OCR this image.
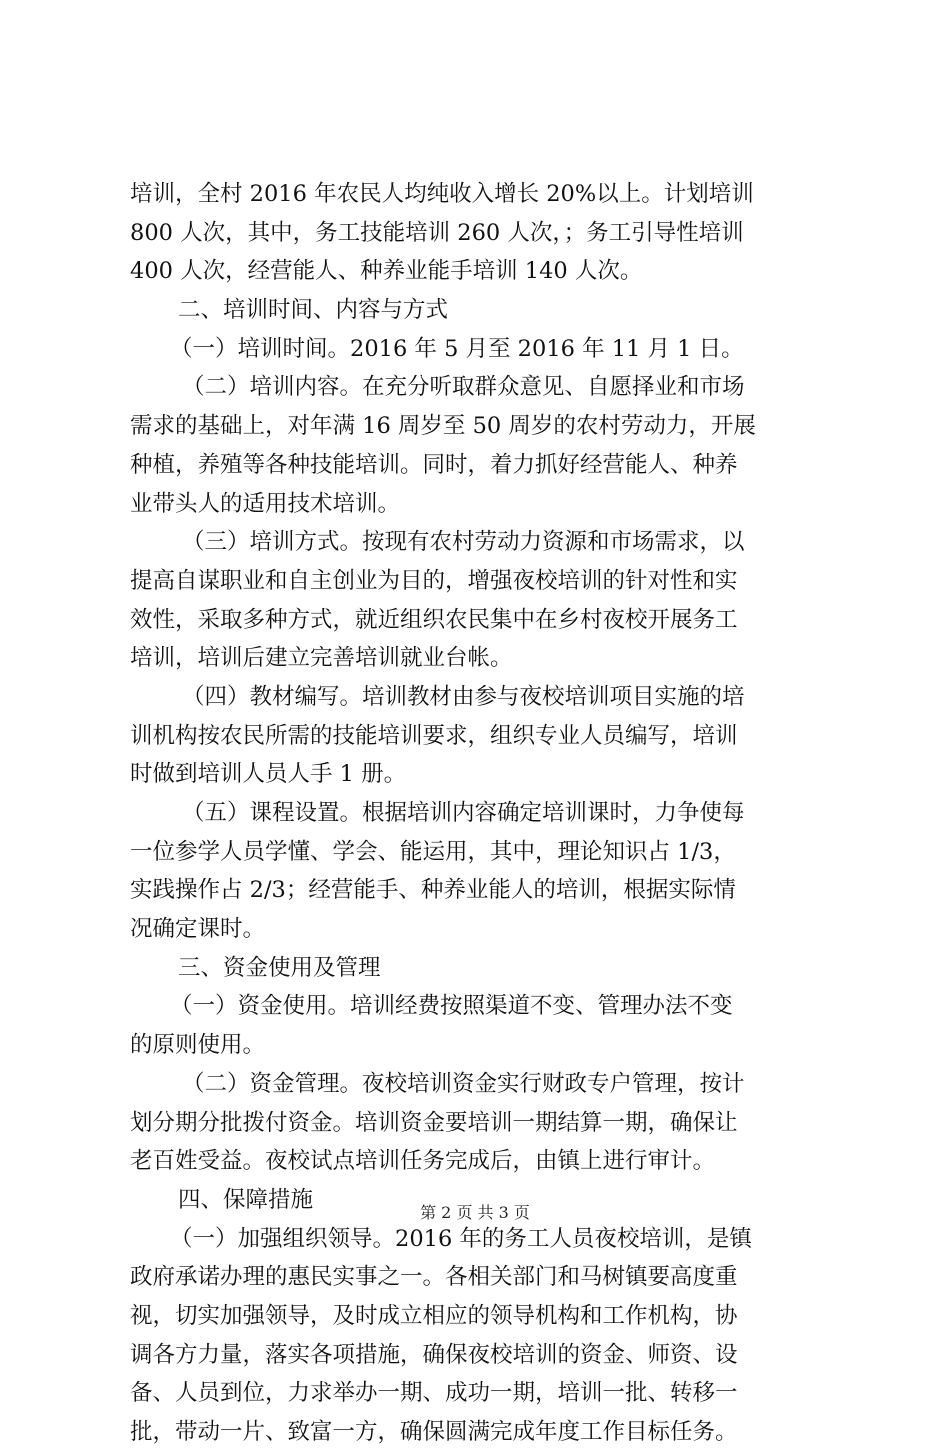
培训，全村 2016 年农民人均纯收入增长 20%以上。计划培训
800 人次，其中，务工技能培训 260 人次，；务工引导性培训
400 人次，经营能人、种养业能手培训 140 人次。
二、培训时间、内容与方式
（一）培训时间。2016 年 5 月至 2016 年 11 月 1 日。
（二）培训内容。在充分听取群众意见、自愿择业和市场
需求的基础上，对年满 16 周岁至 50 周岁的农村劳动力，开展
种植，养殖等各种技能培训。同时，着力抓好经营能人、种养
业带头人的适用技术培训。
（三）培训方式。按现有农村劳动力资源和市场需求，以
提高自谋职业和自主创业为目的，增强夜校培训的针对性和实
效性，采取多种方式，就近组织农民集中在乡村夜校开展务工
培训，培训后建立完善培训就业台帐。
（四）教材编写。培训教材由参与夜校培训项目实施的培
训机构按农民所需的技能培训要求，组织专业人员编写，培训
时做到培训人员人手 1 册。
（五）课程设置。根据培训内容确定培训课时，力争使每
一位参学人员学懂、学会、能运用，其中，理论知识占 1/3，
实践操作占 2/3；经营能手、种养业能人的培训，根据实际情
况确定课时。
三、资金使用及管理
（一）资金使用。培训经费按照渠道不变、管理办法不变
的原则使用。
（二）资金管理。夜校培训资金实行财政专户管理，按计
划分期分批拨付资金。培训资金要培训一期结算一期，确保让
老百姓受益。夜校试点培训任务完成后，由镇上进行审计。
四、保障措施
（一）加强组织领导。2016 年的务工人员夜校培训，是镇
政府承诺办理的惠民实事之一。各相关部门和马树镇要高度重
视，切实加强领导，及时成立相应的领导机构和工作机构，协
调各方力量，落实各项措施，确保夜校培训的资金、师资、设
备、人员到位，力求举办一期、成功一期，培训一批、转移一
批，带动一片、致富一方，确保圆满完成年度工作目标任务。
第 2 页 共 3 页
